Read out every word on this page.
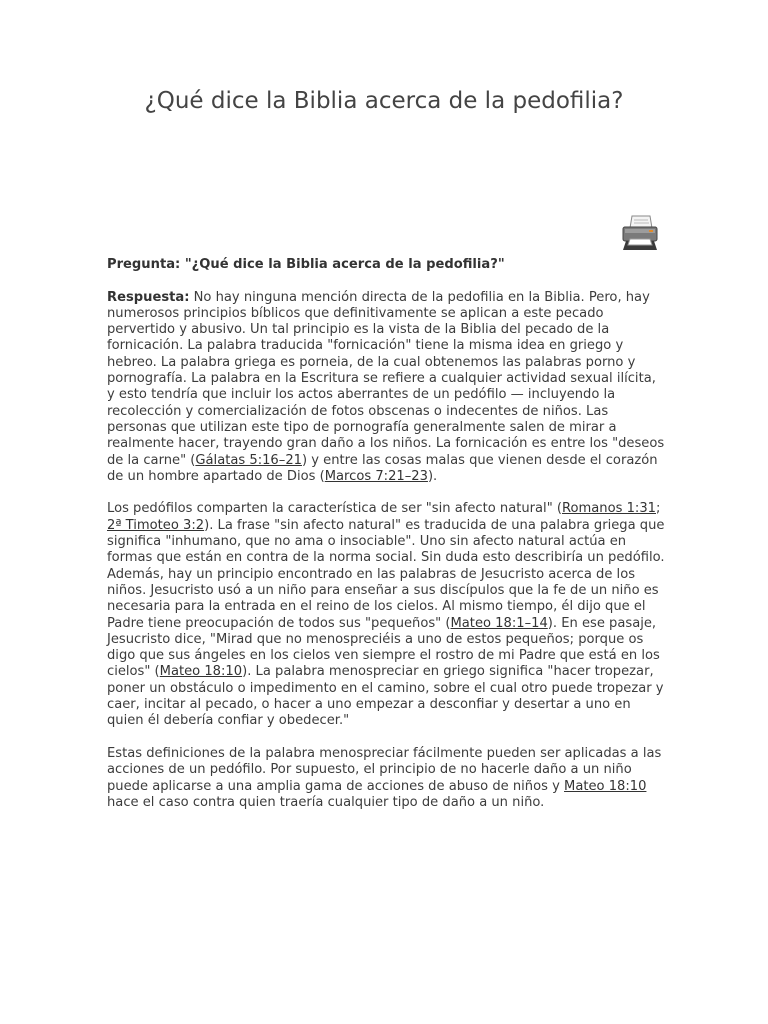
¿Qué dice la Biblia acerca de la pedofilia?

Pregunta: "¿Qué dice la Biblia acerca de la pedofilia?"

Respuesta: No hay ninguna mención directa de la pedofilia en la Biblia. Pero, hay numerosos principios bíblicos que definitivamente se aplican a este pecado pervertido y abusivo. Un tal principio es la vista de la Biblia del pecado de la fornicación. La palabra traducida "fornicación" tiene la misma idea en griego y hebreo. La palabra griega es porneia, de la cual obtenemos las palabras porno y pornografía. La palabra en la Escritura se refiere a cualquier actividad sexual ilícita, y esto tendría que incluir los actos aberrantes de un pedófilo — incluyendo la recolección y comercialización de fotos obscenas o indecentes de niños. Las personas que utilizan este tipo de pornografía generalmente salen de mirar a realmente hacer, trayendo gran daño a los niños. La fornicación es entre los "deseos de la carne" (Gálatas 5:16–21) y entre las cosas malas que vienen desde el corazón de un hombre apartado de Dios (Marcos 7:21–23).

Los pedófilos comparten la característica de ser "sin afecto natural" (Romanos 1:31; 2ª Timoteo 3:2). La frase "sin afecto natural" es traducida de una palabra griega que significa "inhumano, que no ama o insociable". Uno sin afecto natural actúa en formas que están en contra de la norma social. Sin duda esto describiría un pedófilo. Además, hay un principio encontrado en las palabras de Jesucristo acerca de los niños. Jesucristo usó a un niño para enseñar a sus discípulos que la fe de un niño es necesaria para la entrada en el reino de los cielos. Al mismo tiempo, él dijo que el Padre tiene preocupación de todos sus "pequeños" (Mateo 18:1–14). En ese pasaje, Jesucristo dice, "Mirad que no menospreciéis a uno de estos pequeños; porque os digo que sus ángeles en los cielos ven siempre el rostro de mi Padre que está en los cielos" (Mateo 18:10). La palabra menospreciar en griego significa "hacer tropezar, poner un obstáculo o impedimento en el camino, sobre el cual otro puede tropezar y caer, incitar al pecado, o hacer a uno empezar a desconfiar y desertar a uno en quien él debería confiar y obedecer."

Estas definiciones de la palabra menospreciar fácilmente pueden ser aplicadas a las acciones de un pedófilo. Por supuesto, el principio de no hacerle daño a un niño puede aplicarse a una amplia gama de acciones de abuso de niños y Mateo 18:10 hace el caso contra quien traería cualquier tipo de daño a un niño.
